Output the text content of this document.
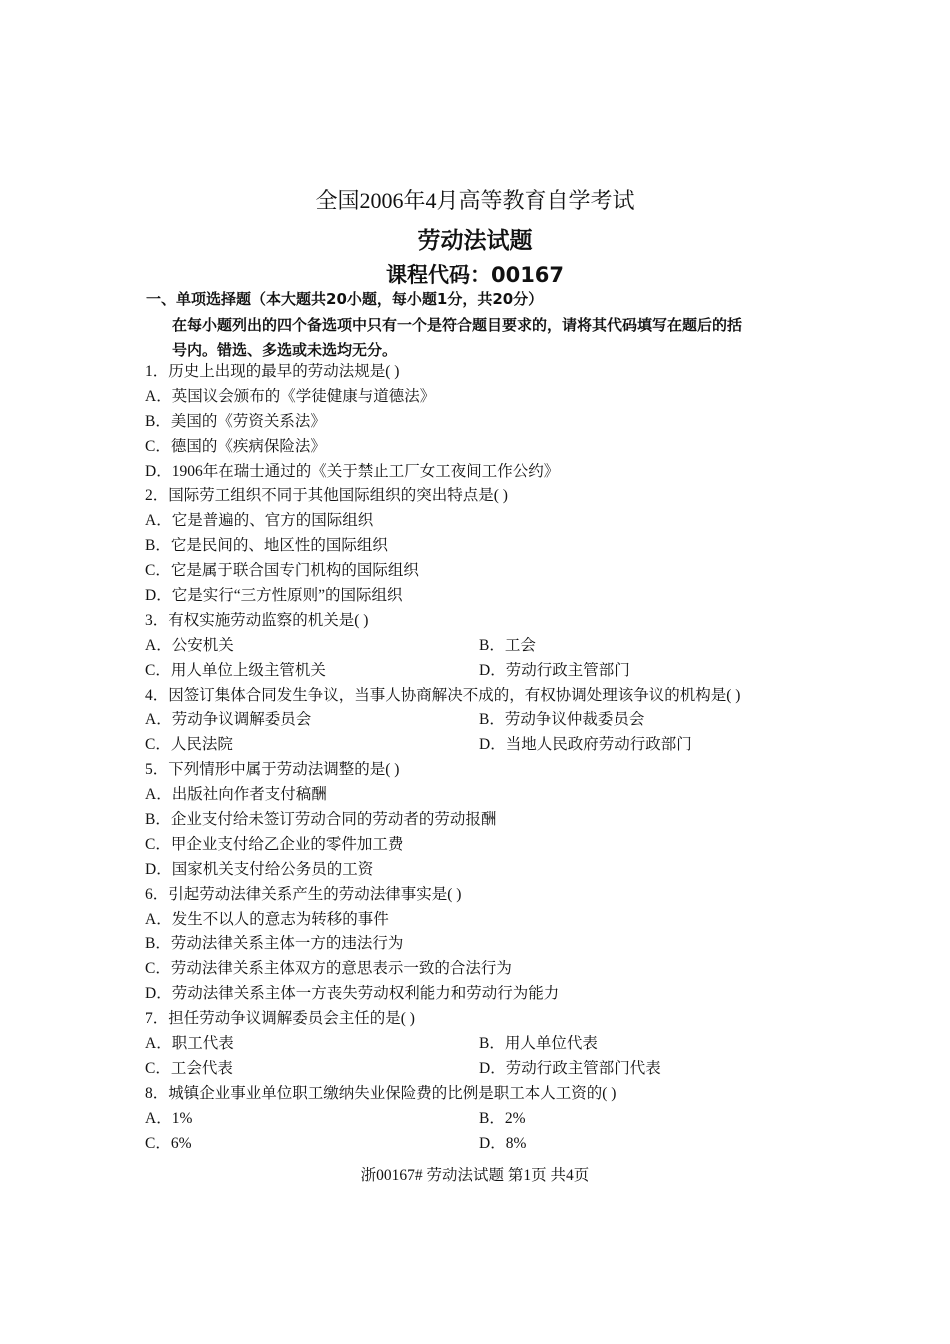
全国2006年4月高等教育自学考试
劳动法试题
课程代码：00167
一、单项选择题（本大题共20小题，每小题1分，共20分）
在每小题列出的四个备选项中只有一个是符合题目要求的，请将其代码填写在题后的括
号内。错选、多选或未选均无分。
1．历史上出现的最早的劳动法规是( )
A．英国议会颁布的《学徒健康与道德法》
B．美国的《劳资关系法》
C．德国的《疾病保险法》
D．1906年在瑞士通过的《关于禁止工厂女工夜间工作公约》
2．国际劳工组织不同于其他国际组织的突出特点是( )
A．它是普遍的、官方的国际组织
B．它是民间的、地区性的国际组织
C．它是属于联合国专门机构的国际组织
D．它是实行“三方性原则”的国际组织
3．有权实施劳动监察的机关是( )
A．公安机关	B．工会
C．用人单位上级主管机关	D．劳动行政主管部门
4．因签订集体合同发生争议，当事人协商解决不成的，有权协调处理该争议的机构是( )
A．劳动争议调解委员会	B．劳动争议仲裁委员会
C．人民法院	D．当地人民政府劳动行政部门
5．下列情形中属于劳动法调整的是( )
A．出版社向作者支付稿酬
B．企业支付给未签订劳动合同的劳动者的劳动报酬
C．甲企业支付给乙企业的零件加工费
D．国家机关支付给公务员的工资
6．引起劳动法律关系产生的劳动法律事实是( )
A．发生不以人的意志为转移的事件
B．劳动法律关系主体一方的违法行为
C．劳动法律关系主体双方的意思表示一致的合法行为
D．劳动法律关系主体一方丧失劳动权利能力和劳动行为能力
7．担任劳动争议调解委员会主任的是( )
A．职工代表	B．用人单位代表
C．工会代表	D．劳动行政主管部门代表
8．城镇企业事业单位职工缴纳失业保险费的比例是职工本人工资的( )
A．1%	B．2%
C．6%	D．8%
浙00167# 劳动法试题 第1页 共4页
